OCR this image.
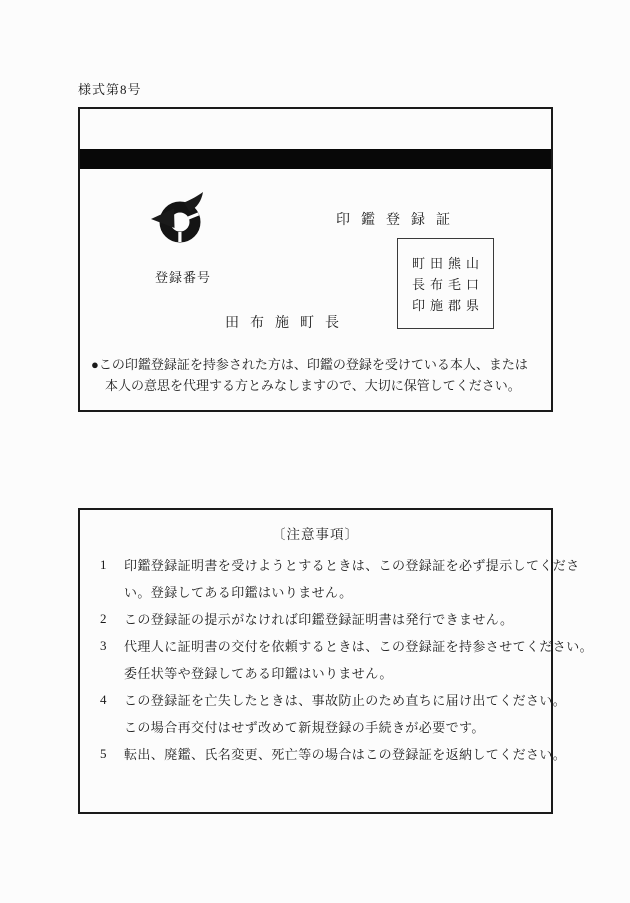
様式第8号
印鑑登録証
登録番号
町田熊山
長布毛口
印施郡県
田布施町長
●この印鑑登録証を持参された方は、印鑑の登録を受けている本人、または
本人の意思を代理する方とみなしますので、大切に保管してください。
〔注意事項〕
1	印鑑登録証明書を受けようとするときは、この登録証を必ず提示してくださ
い。登録してある印鑑はいりません。
2	この登録証の提示がなければ印鑑登録証明書は発行できません。
3	代理人に証明書の交付を依頼するときは、この登録証を持参させてください。
委任状等や登録してある印鑑はいりません。
4	この登録証を亡失したときは、事故防止のため直ちに届け出てください。
この場合再交付はせず改めて新規登録の手続きが必要です。
5	転出、廃鑑、氏名変更、死亡等の場合はこの登録証を返納してください。
